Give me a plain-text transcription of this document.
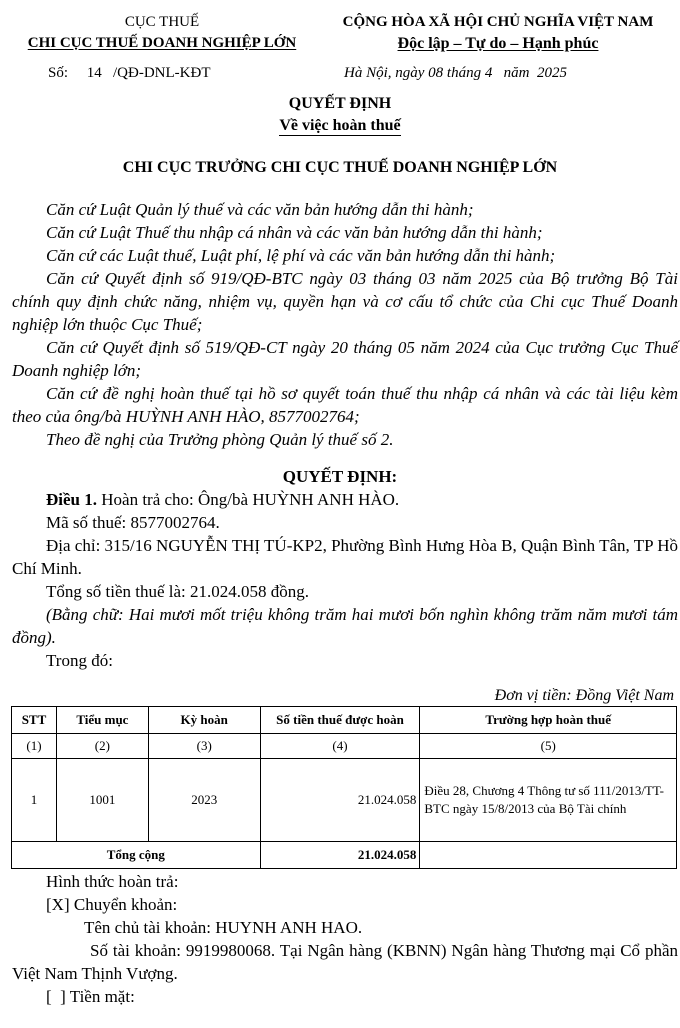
CỤC THUẾ
CHI CỤC THUẾ DOANH NGHIỆP LỚN
CỘNG HÒA XÃ HỘI CHỦ NGHĨA VIỆT NAM
Độc lập – Tự do – Hạnh phúc
Số: 14 /QĐ-DNL-KĐT	Hà Nội, ngày 08 tháng 4 năm 2025
QUYẾT ĐỊNH
Về việc hoàn thuế
CHI CỤC TRƯỞNG CHI CỤC THUẾ DOANH NGHIỆP LỚN

Căn cứ Luật Quản lý thuế và các văn bản hướng dẫn thi hành;

Căn cứ Luật Thuế thu nhập cá nhân và các văn bản hướng dẫn thi hành;

Căn cứ các Luật thuế, Luật phí, lệ phí và các văn bản hướng dẫn thi hành;

Căn cứ Quyết định số 919/QĐ-BTC ngày 03 tháng 03 năm 2025 của Bộ trưởng Bộ Tài chính quy định chức năng, nhiệm vụ, quyền hạn và cơ cấu tổ chức của Chi cục Thuế Doanh nghiệp lớn thuộc Cục Thuế;

Căn cứ Quyết định số 519/QĐ-CT ngày 20 tháng 05 năm 2024 của Cục trưởng Cục Thuế Doanh nghiệp lớn;

Căn cứ đề nghị hoàn thuế tại hồ sơ quyết toán thuế thu nhập cá nhân và các tài liệu kèm theo của ông/bà HUỲNH ANH HÀO, 8577002764;

Theo đề nghị của Trưởng phòng Quản lý thuế số 2.

QUYẾT ĐỊNH:

Điều 1. Hoàn trả cho: Ông/bà HUỲNH ANH HÀO.

Mã số thuế: 8577002764.

Địa chỉ: 315/16 NGUYỄN THỊ TÚ-KP2, Phường Bình Hưng Hòa B, Quận Bình Tân, TP Hồ Chí Minh.

Tổng số tiền thuế là: 21.024.058 đồng.

(Bằng chữ: Hai mươi mốt triệu không trăm hai mươi bốn nghìn không trăm năm mươi tám đồng).

Trong đó:

Đơn vị tiền: Đồng Việt Nam
STT	Tiểu mục	Kỳ hoàn	Số tiền thuế được hoàn	Trường hợp hoàn thuế
(1)	(2)	(3)	(4)	(5)
1	1001	2023	21.024.058	Điều 28, Chương 4 Thông tư số 111/2013/TT-BTC ngày 15/8/2013 của Bộ Tài chính
Tổng cộng			21.024.058	

Hình thức hoàn trả:

[X] Chuyển khoản:

Tên chủ tài khoản: HUYNH ANH HAO.

Số tài khoản: 9919980068. Tại Ngân hàng (KBNN) Ngân hàng Thương mại Cổ phần Việt Nam Thịnh Vượng.

[  ] Tiền mặt:
